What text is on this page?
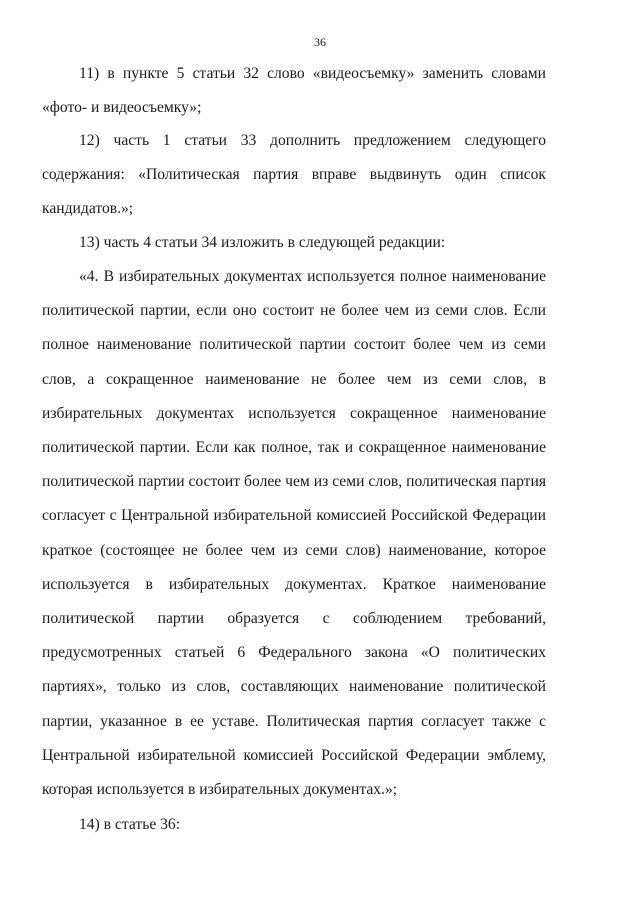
36

11) в пункте 5 статьи 32 слово «видеосъемку» заменить словами «фото- и видеосъемку»;

12) часть 1 статьи 33 дополнить предложением следующего содержания: «Политическая партия вправе выдвинуть один список кандидатов.»;

13) часть 4 статьи 34 изложить в следующей редакции:

«4. В избирательных документах используется полное наименование политической партии, если оно состоит не более чем из семи слов. Если полное наименование политической партии состоит более чем из семи слов, а сокращенное наименование не более чем из семи слов, в избирательных документах используется сокращенное наименование политической партии. Если как полное, так и сокращенное наименование политической партии состоит более чем из семи слов, политическая партия согласует с Центральной избирательной комиссией Российской Федерации краткое (состоящее не более чем из семи слов) наименование, которое используется в избирательных документах. Краткое наименование политической партии образуется с соблюдением требований, предусмотренных статьей 6 Федерального закона «О политических партиях», только из слов, составляющих наименование политической партии, указанное в ее уставе. Политическая партия согласует также с Центральной избирательной комиссией Российской Федерации эмблему, которая используется в избирательных документах.»;

14) в статье 36:
